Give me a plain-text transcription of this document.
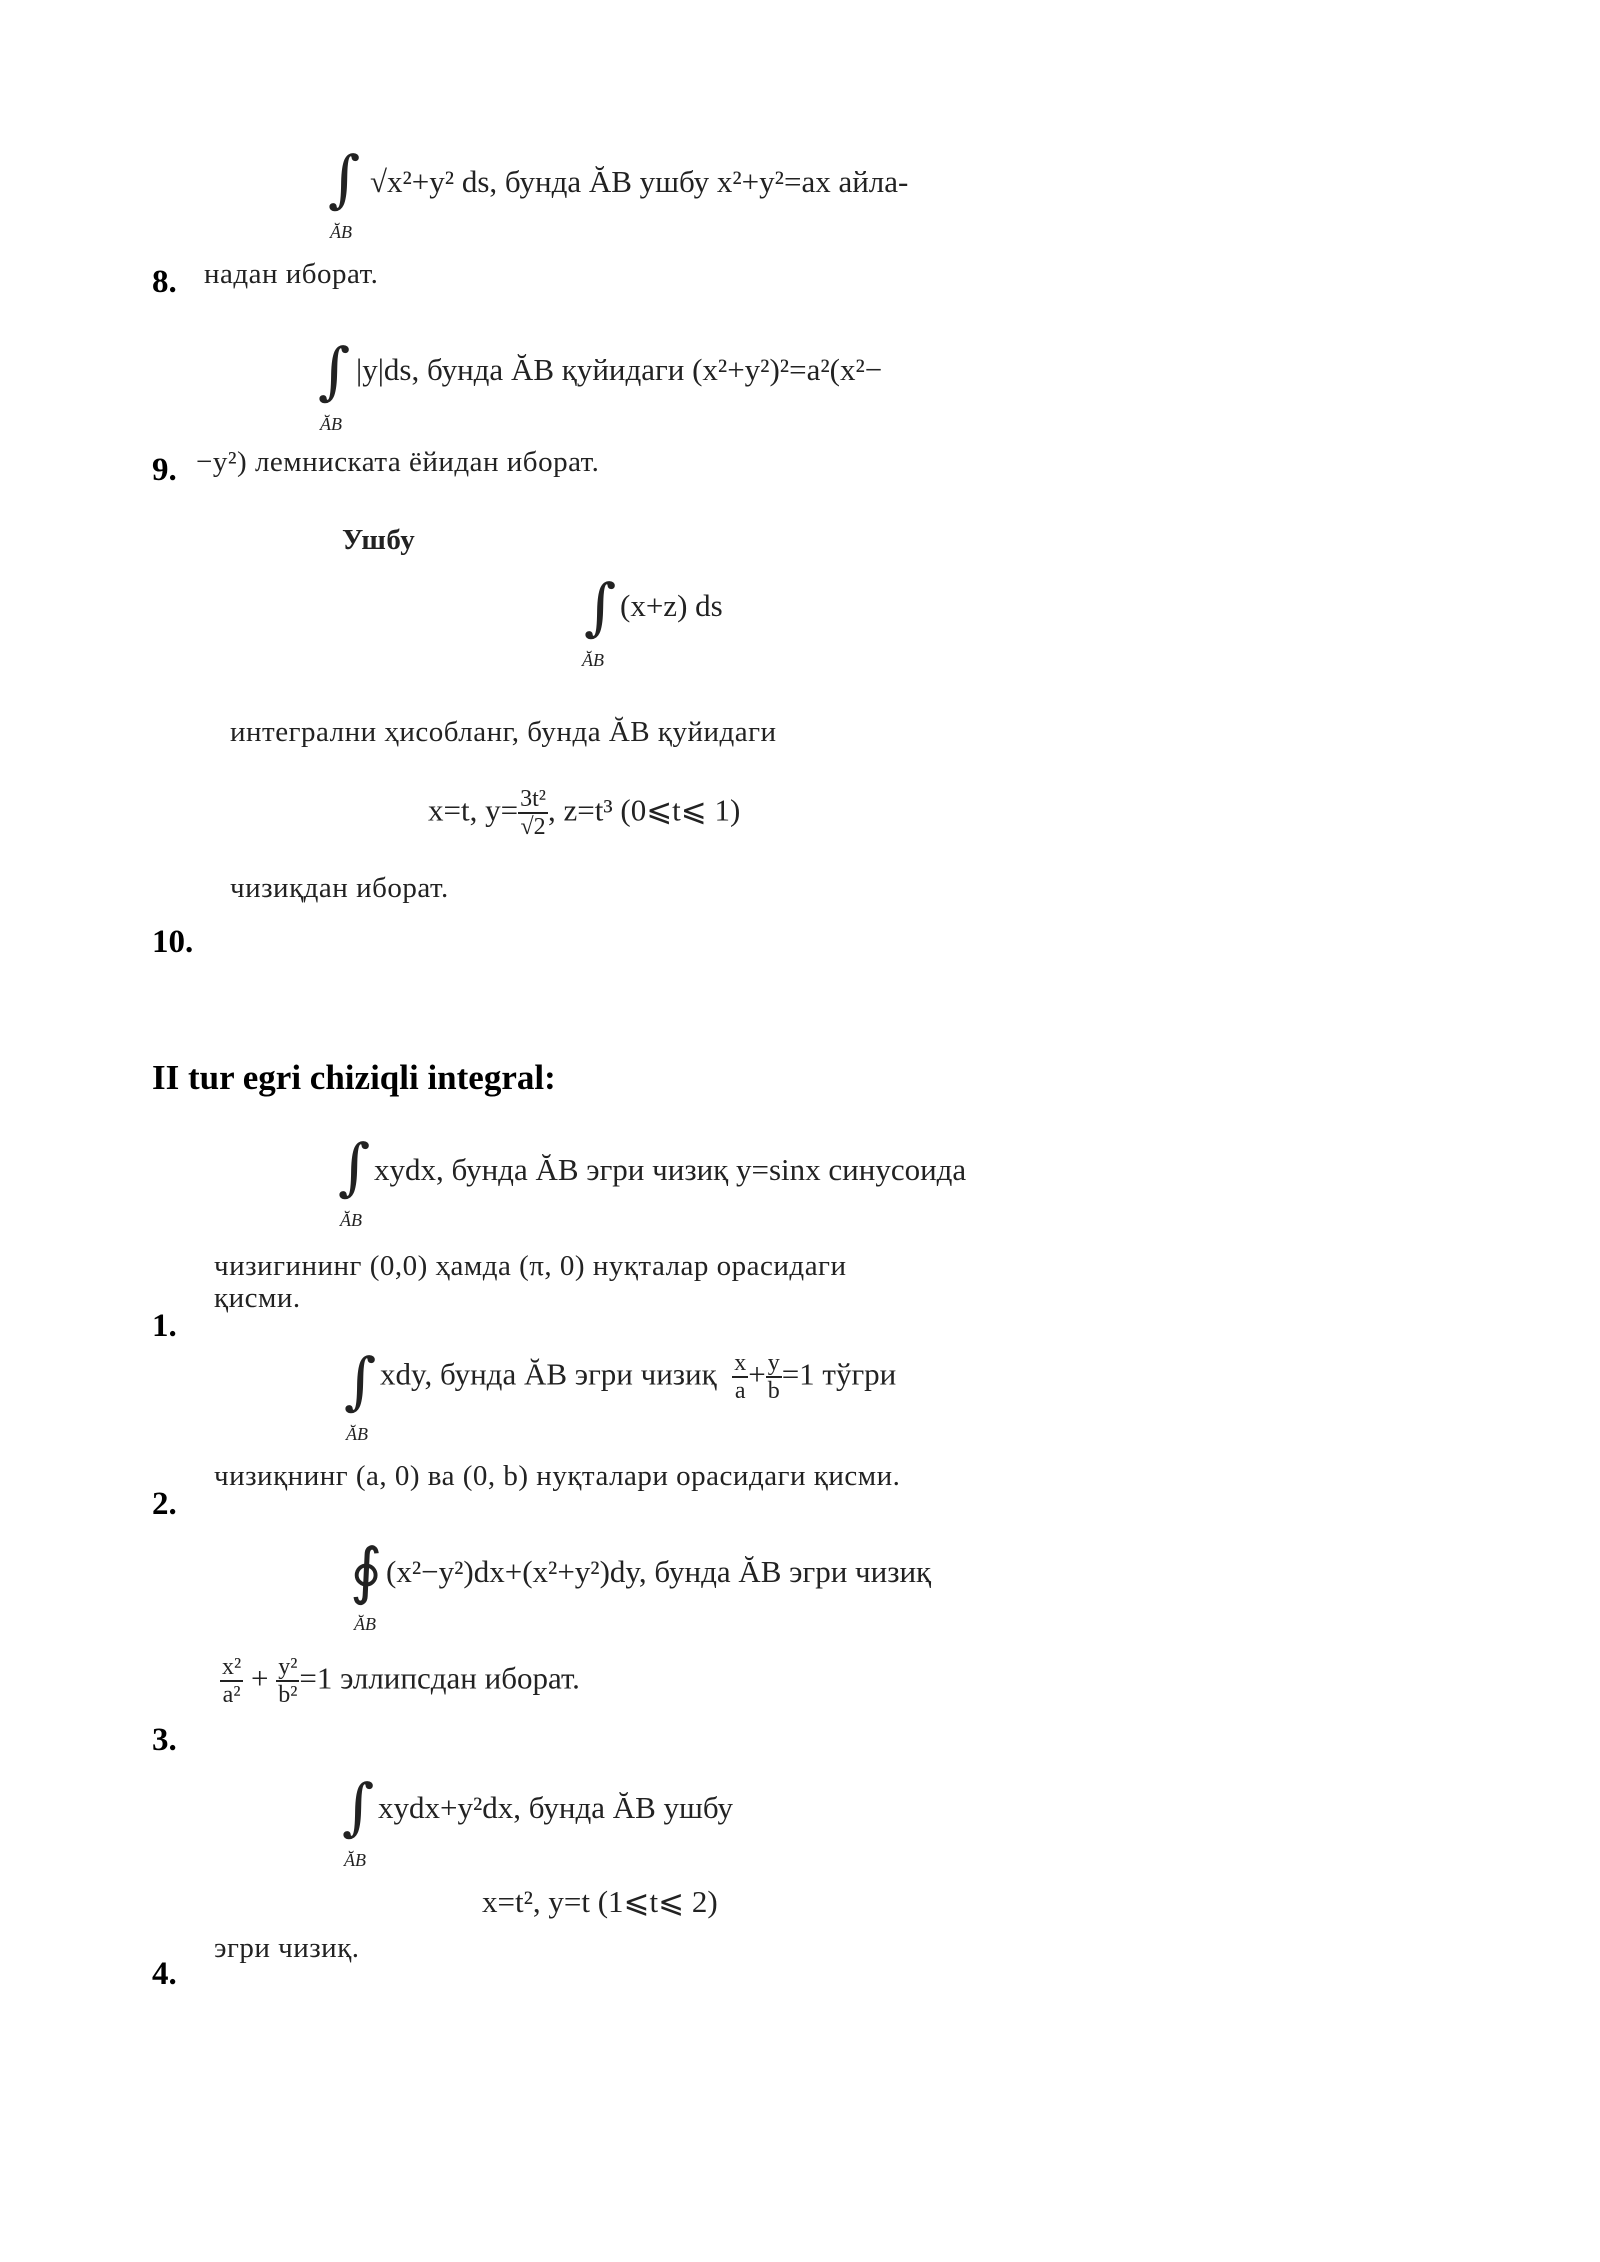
∫
ĂB
√x²+y² ds, бунда ĂB ушбу x²+y²=ax айла-
8. надан иборат.
∫
ĂB
|y|ds, бунда ĂB қуйидаги (x²+y²)²=a²(x²−
9. −y²) лемниската ёйидан иборат.
Ушбу
∫
ĂB
(x+z) ds
интегрални ҳисобланг, бунда ĂB қуйидаги
x=t, $y= \frac{\text{3t²}}{√2}$ , z=t³ (0⩽t⩽ 1)
чизиқдан иборат.
10.
II tur egri chiziqli integral:
∫
ĂB
xydx, бунда ĂB эгри чизиқ y=sinx синусоида
чизигининг (0,0) ҳамда (π, 0) нуқталар орасидаги
қисми.
1.
∫
ĂB
xdy, бунда ĂB эгри чизиқ $\frac{x}{a} + \frac{y}{b} =1$ тўгри
чизиқнинг (a, 0) ва (0, b) нуқталари орасидаги қисми.
2.
∮
ĂB
(x²−y²)dx+(x²+y²)dy, бунда ĂB эгри чизиқ
$\frac{\text{x²}}{\text{a²}} + \frac{\text{y²}}{\text{b²}} =1$ эллипсдан иборат.
3.
∫
ĂB
xydx+y²dx, бунда ĂB ушбу
x=t², y=t (1⩽t⩽ 2)
эгри чизиқ.
4.
